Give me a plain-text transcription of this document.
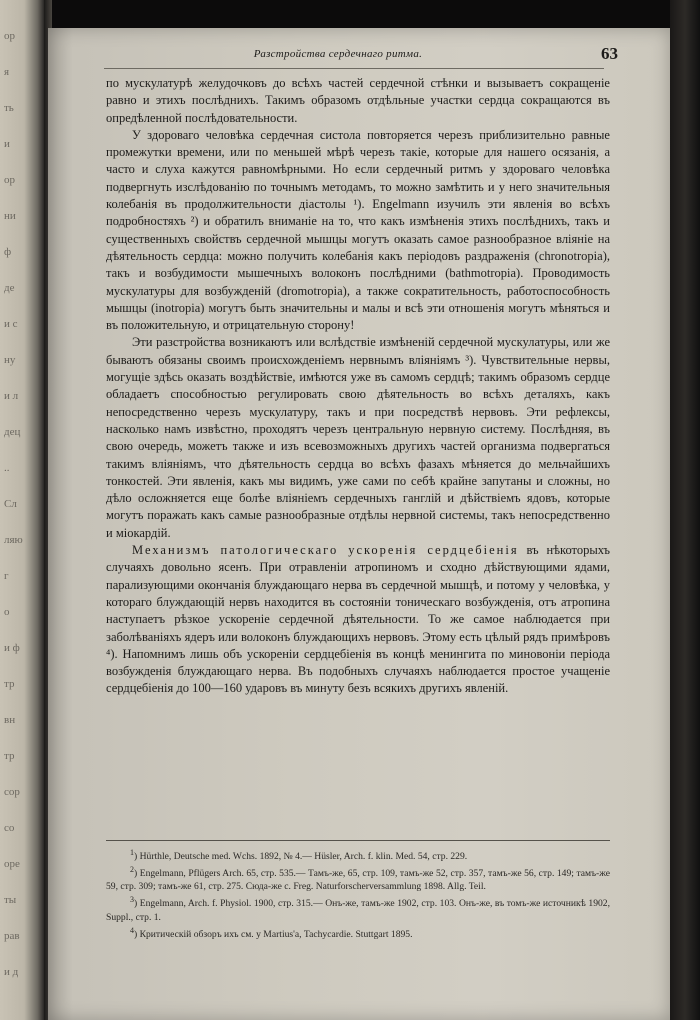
ор
я
ть
и
ор
ни
ф
де
и с
ну
и л
дец
..
Сл
ляю
г
о
и ф
тр
вн
тр
сор
со
оре
ты
рав
и д
Разстройства сердечнаго ритма.	63

по мускулатурѣ желудочковъ до всѣхъ частей сердечной стѣнки и вызываетъ сокращеніе равно и этихъ послѣднихъ. Такимъ образомъ отдѣльные участки сердца сокращаются въ опредѣленной послѣдовательности.

У здороваго человѣка сердечная систола повторяется черезъ приблизительно равные промежутки времени, или по меньшей мѣрѣ черезъ такіе, которые для нашего осязанія, а часто и слуха кажутся равномѣрными. Но если сердечный ритмъ у здороваго человѣка подвергнуть изслѣдованію по точнымъ методамъ, то можно замѣтить и у него значительныя колебанія въ продолжительности діастолы ¹). Engelmann изучилъ эти явленія во всѣхъ подробностяхъ ²) и обратилъ вниманіе на то, что какъ измѣненія этихъ послѣднихъ, такъ и существенныхъ свойствъ сердечной мышцы могутъ оказать самое разнообразное вліяніе на дѣятельность сердца: можно получить колебанія какъ періодовъ раздраженія (chronotropia), такъ и возбудимости мышечныхъ волоконъ послѣдними (bathmotropia). Проводимость мускулатуры для возбужденій (dromotropia), а также сократительность, работоспособность мышцы (inotropia) могутъ быть значительны и малы и всѣ эти отношенія могутъ мѣняться и въ положительную, и отрицательную сторону!

Эти разстройства возникаютъ или вслѣдствіе измѣненій сердечной мускулатуры, или же бываютъ обязаны своимъ происхожденіемъ нервнымъ вліяніямъ ³). Чувствительные нервы, могущіе здѣсь оказать воздѣйствіе, имѣются уже въ самомъ сердцѣ; такимъ образомъ сердце обладаетъ способностью регулировать свою дѣятельность во всѣхъ деталяхъ, какъ непосредственно черезъ мускулатуру, такъ и при посредствѣ нервовъ. Эти рефлексы, насколько намъ извѣстно, проходятъ черезъ центральную нервную систему. Послѣдняя, въ свою очередь, можетъ также и изъ всевозможныхъ другихъ частей организма подвергаться такимъ вліяніямъ, что дѣятельность сердца во всѣхъ фазахъ мѣняется до мельчайшихъ тонкостей. Эти явленія, какъ мы видимъ, уже сами по себѣ крайне запутаны и сложны, но дѣло осложняется еще болѣе вліяніемъ сердечныхъ ганглій и дѣйствіемъ ядовъ, которые могутъ поражать какъ самые разнообразные отдѣлы нервной системы, такъ непосредственно и міокардій.

Механизмъ патологическаго ускоренія сердцебіенія въ нѣкоторыхъ случаяхъ довольно ясенъ. При отравленіи атропиномъ и сходно дѣйствующими ядами, парализующими окончанія блуждающаго нерва въ сердечной мышцѣ, и потому у человѣка, у котораго блуждающій нервъ находится въ состояніи тоническаго возбужденія, отъ атропина наступаетъ рѣзкое ускореніе сердечной дѣятельности. То же самое наблюдается при заболѣваніяхъ ядеръ или волоконъ блуждающихъ нервовъ. Этому есть цѣлый рядъ примѣровъ ⁴). Напомнимъ лишь объ ускореніи сердцебіенія въ концѣ менингита по миновоніи періода возбужденія блуждающаго нерва. Въ подобныхъ случаяхъ наблюдается простое учащеніе сердцебіенія до 100—160 ударовъ въ минуту безъ всякихъ другихъ явленій.

$^1$) Hürthle, Deutsche med. Wchs. 1892, № 4.— Hüsler, Arch. f. klin. Med. 54, стр. 229.

$^2$) Engelmann, Pflügers Arch. 65, стр. 535.— Тамъ-же, 65, стр. 109, тамъ-же 52, стр. 357, тамъ-же 56, стр. 149; тамъ-же 59, стр. 309; тамъ-же 61, стр. 275. Сюда-же с. Freg. Naturforscherversammlung 1898. Allg. Teil.

$^3$) Engelmann, Arch. f. Physiol. 1900, стр. 315.— Онъ-же, тамъ-же 1902, стр. 103. Онъ-же, въ томъ-же источникѣ 1902, Suppl., стр. 1.

$^4$) Критическій обзоръ ихъ см. у Martius'а, Tachycardie. Stuttgart 1895.
